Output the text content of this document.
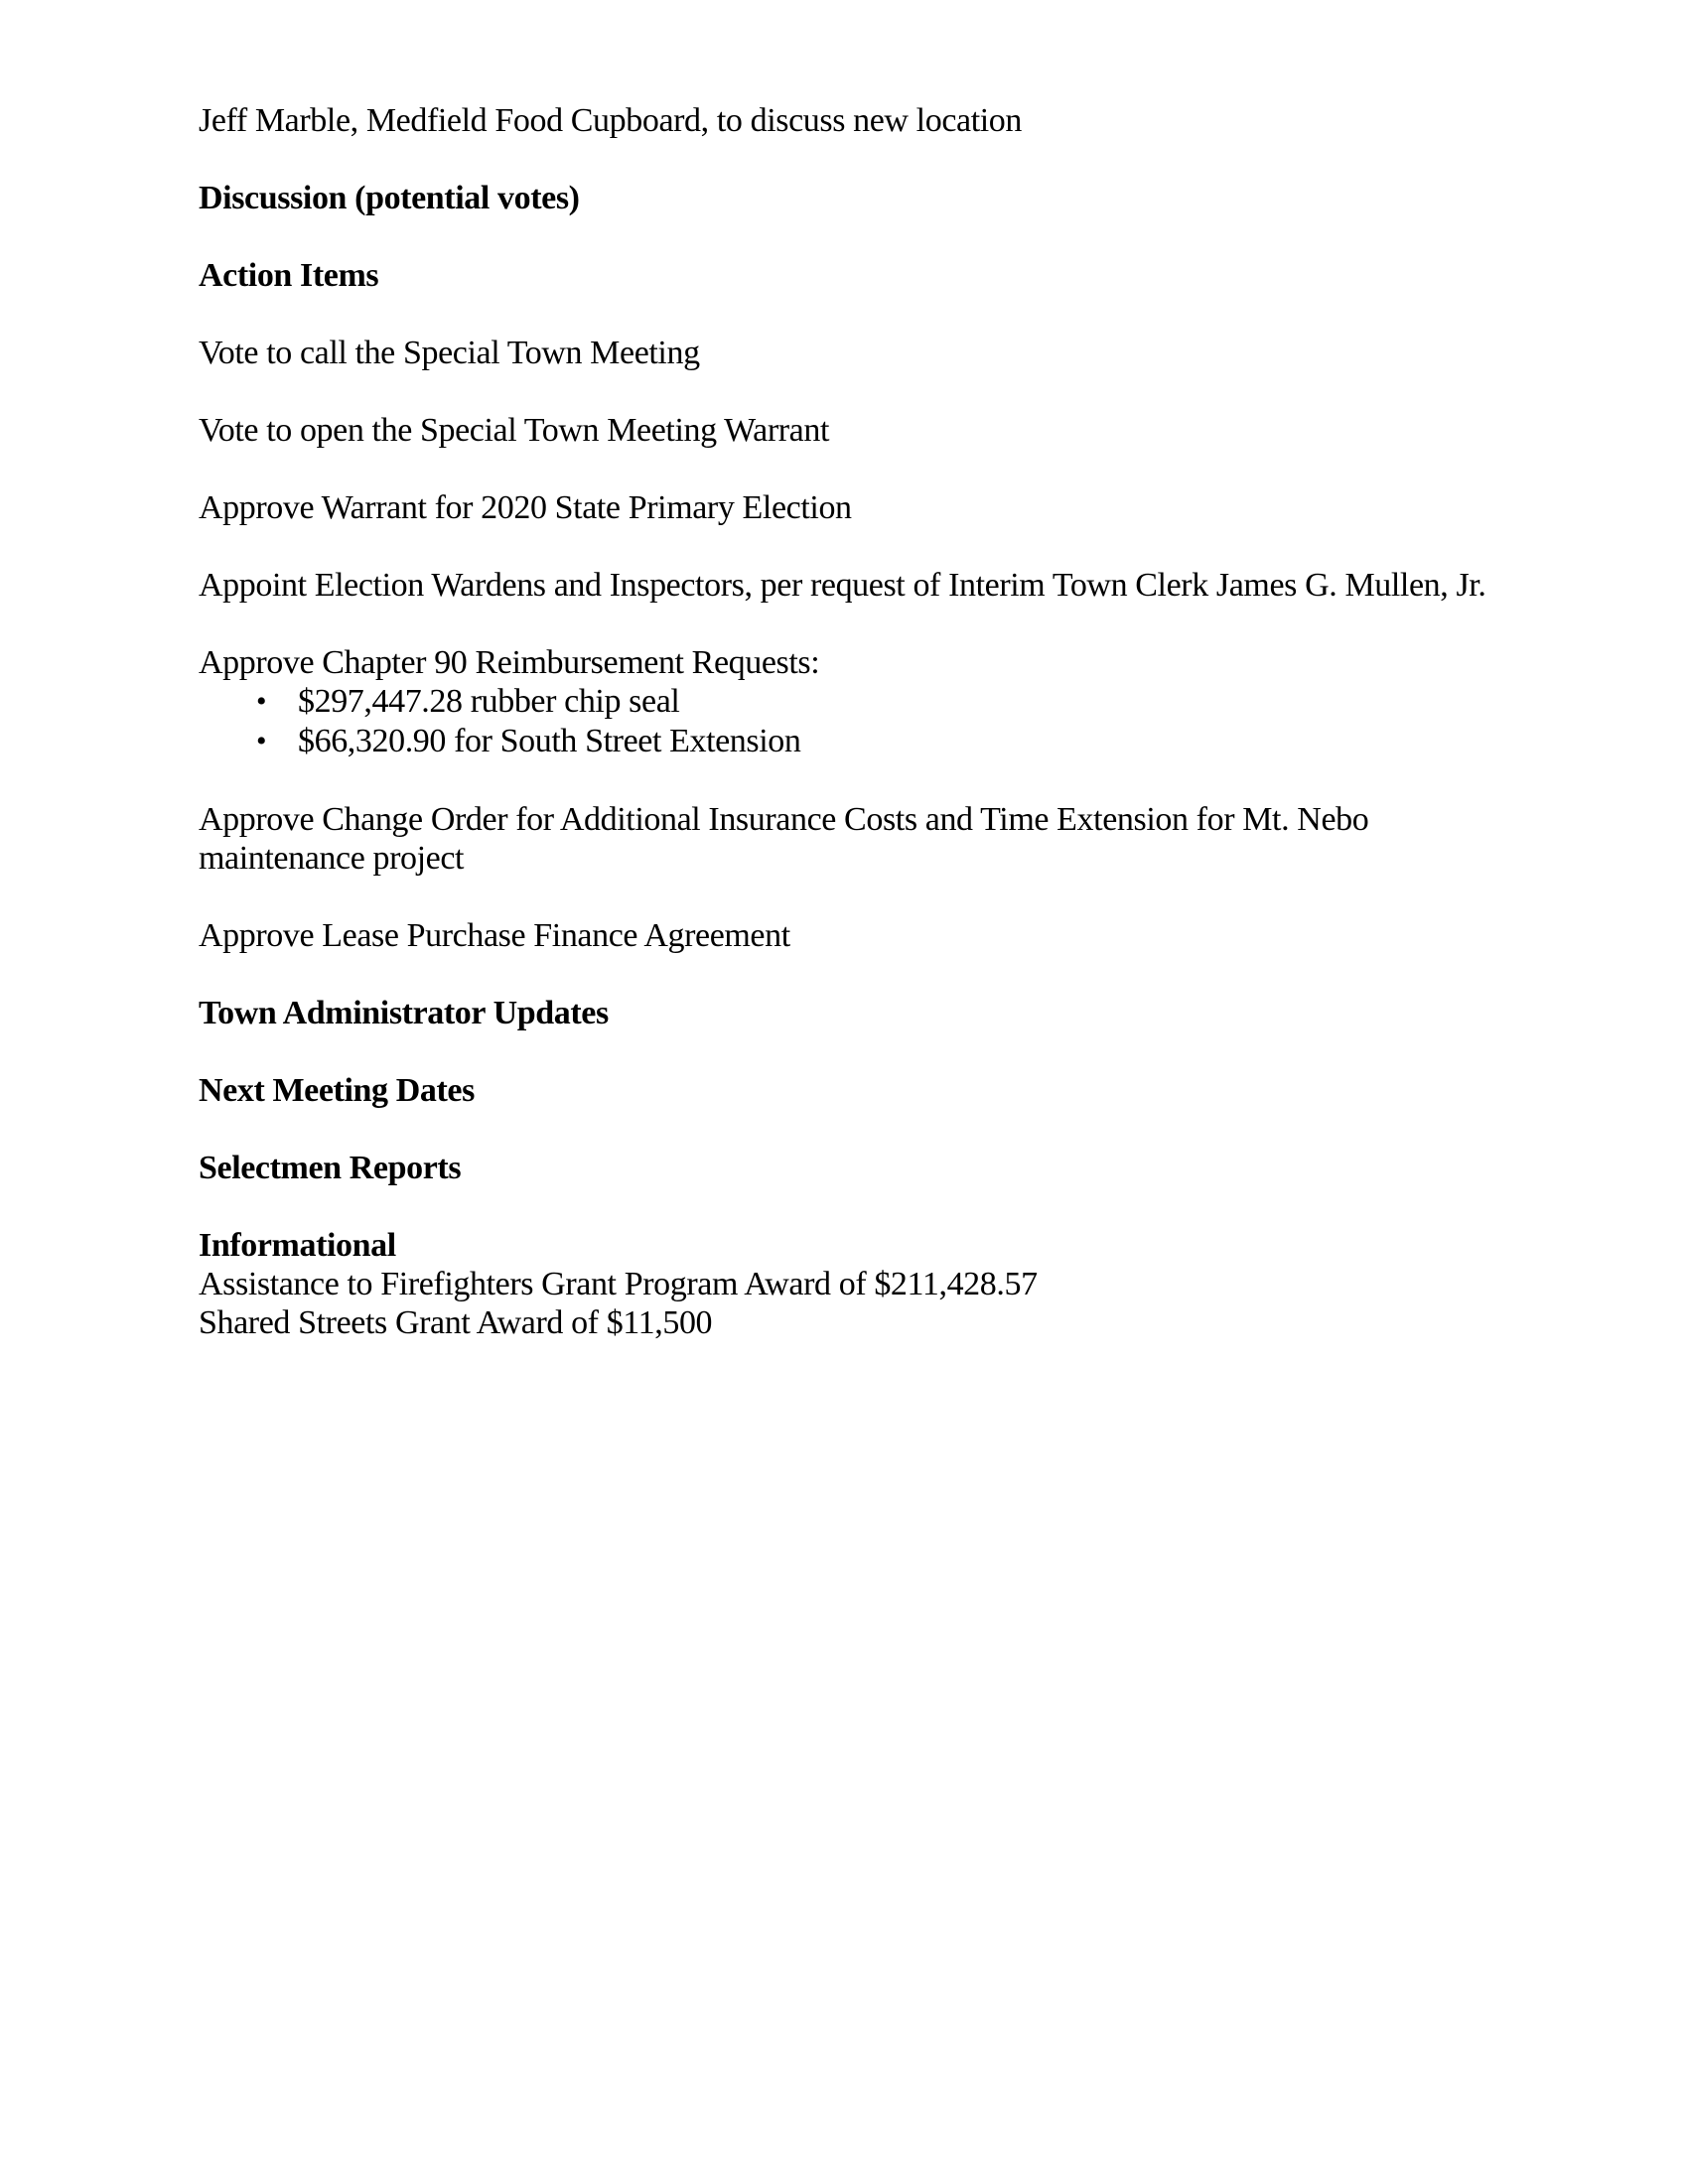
Jeff Marble, Medfield Food Cupboard, to discuss new location

Discussion (potential votes)
Action Items

Vote to call the Special Town Meeting

Vote to open the Special Town Meeting Warrant

Approve Warrant for 2020 State Primary Election

Appoint Election Wardens and Inspectors, per request of Interim Town Clerk James G. Mullen, Jr.

Approve Chapter 90 Reimbursement Requests:

• $297,447.28 rubber chip seal
• $66,320.90 for South Street Extension

Approve Change Order for Additional Insurance Costs and Time Extension for Mt. Nebo maintenance project

Approve Lease Purchase Finance Agreement

Town Administrator Updates
Next Meeting Dates
Selectmen Reports
Informational

Assistance to Firefighters Grant Program Award of $211,428.57

Shared Streets Grant Award of $11,500
